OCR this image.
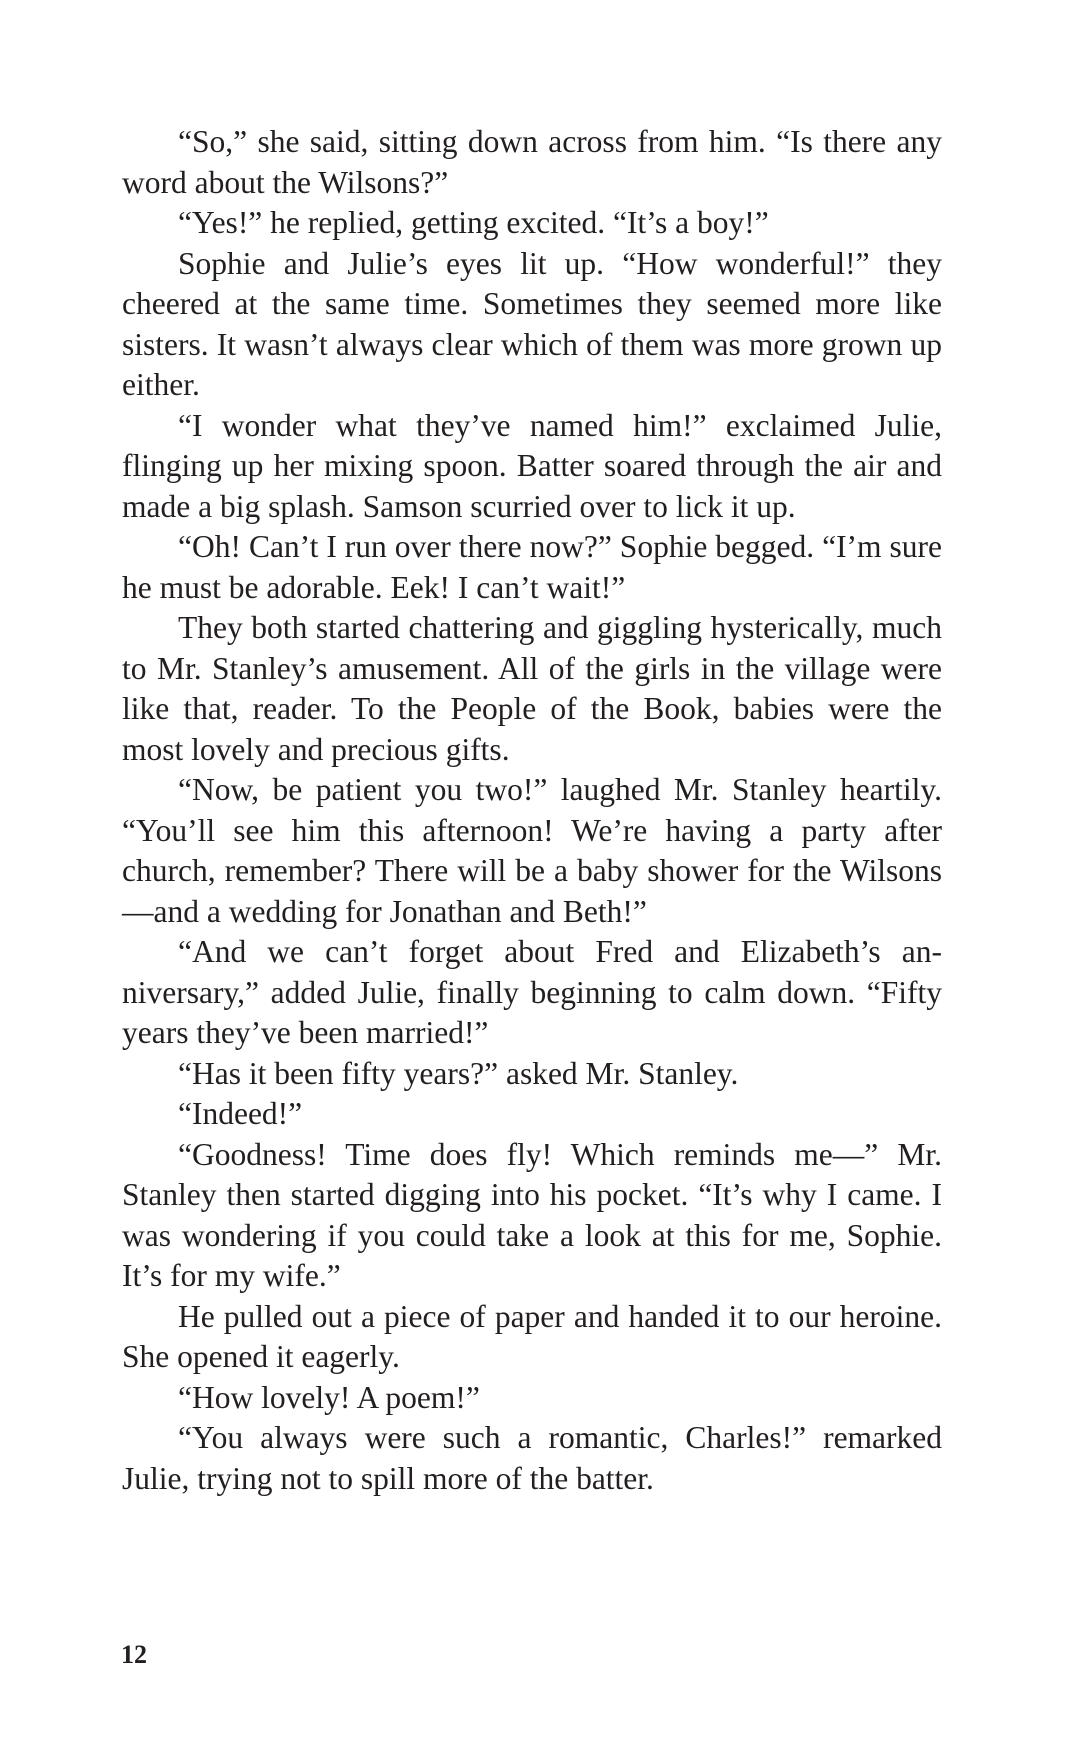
“So,” she said, sitting down across from him. “Is there any word about the Wilsons?”

“Yes!” he replied, getting excited. “It’s a boy!”

Sophie and Julie’s eyes lit up. “How wonderful!” they cheered at the same time. Sometimes they seemed more like sisters. It wasn’t always clear which of them was more grown up either.

“I wonder what they’ve named him!” exclaimed Julie, flinging up her mixing spoon. Batter soared through the air and made a big splash. Samson scurried over to lick it up.

“Oh! Can’t I run over there now?” Sophie begged. “I’m sure he must be adorable. Eek! I can’t wait!”

They both started chattering and giggling hysterically, much to Mr. Stanley’s amusement. All of the girls in the village were like that, reader. To the People of the Book, babies were the most lovely and precious gifts.

“Now, be patient you two!” laughed Mr. Stanley heartily. “You’ll see him this afternoon! We’re having a party after church, remember? There will be a baby shower for the Wilsons—and a wedding for Jonathan and Beth!”

“And we can’t forget about Fred and Elizabeth’s anniversary,” added Julie, finally beginning to calm down. “Fifty years they’ve been married!”

“Has it been fifty years?” asked Mr. Stanley.

“Indeed!”

“Goodness! Time does fly! Which reminds me—” Mr. Stanley then started digging into his pocket. “It’s why I came. I was wondering if you could take a look at this for me, Sophie. It’s for my wife.”

He pulled out a piece of paper and handed it to our heroine. She opened it eagerly.

“How lovely! A poem!”

“You always were such a romantic, Charles!” remarked Julie, trying not to spill more of the batter.

12
